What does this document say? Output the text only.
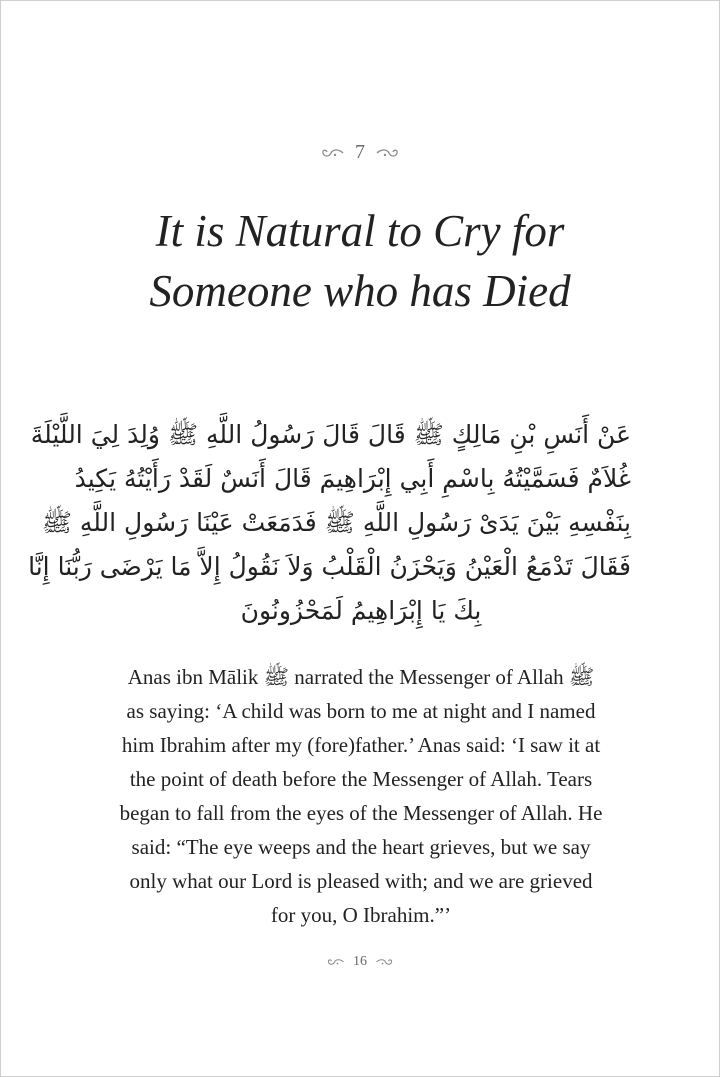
7
It is Natural to Cry for
Someone who has Died
عَنْ أَنَسِ بْنِ مَالِكٍ ﷺ قَالَ قَالَ رَسُولُ اللَّهِ ﷺ وُلِدَ لِيَ اللَّيْلَةَ
غُلاَمٌ فَسَمَّيْتُهُ بِاسْمِ أَبِي إِبْرَاهِيمَ قَالَ أَنَسٌ لَقَدْ رَأَيْتُهُ يَكِيدُ
بِنَفْسِهِ بَيْنَ يَدَىْ رَسُولِ اللَّهِ ﷺ فَدَمَعَتْ عَيْنَا رَسُولِ اللَّهِ ﷺ
فَقَالَ تَدْمَعُ الْعَيْنُ وَيَحْزَنُ الْقَلْبُ وَلاَ نَقُولُ إِلاَّ مَا يَرْضَى رَبُّنَا إِنَّا
بِكَ يَا إِبْرَاهِيمُ لَمَحْزُونُونَ
Anas ibn Mālik ﷺ narrated the Messenger of Allah ﷺ
as saying: ‘A child was born to me at night and I named
him Ibrahim after my (fore)father.’ Anas said: ‘I saw it at
the point of death before the Messenger of Allah. Tears
began to fall from the eyes of the Messenger of Allah. He
said: “The eye weeps and the heart grieves, but we say
only what our Lord is pleased with; and we are grieved
for you, O Ibrahim.”’
16
